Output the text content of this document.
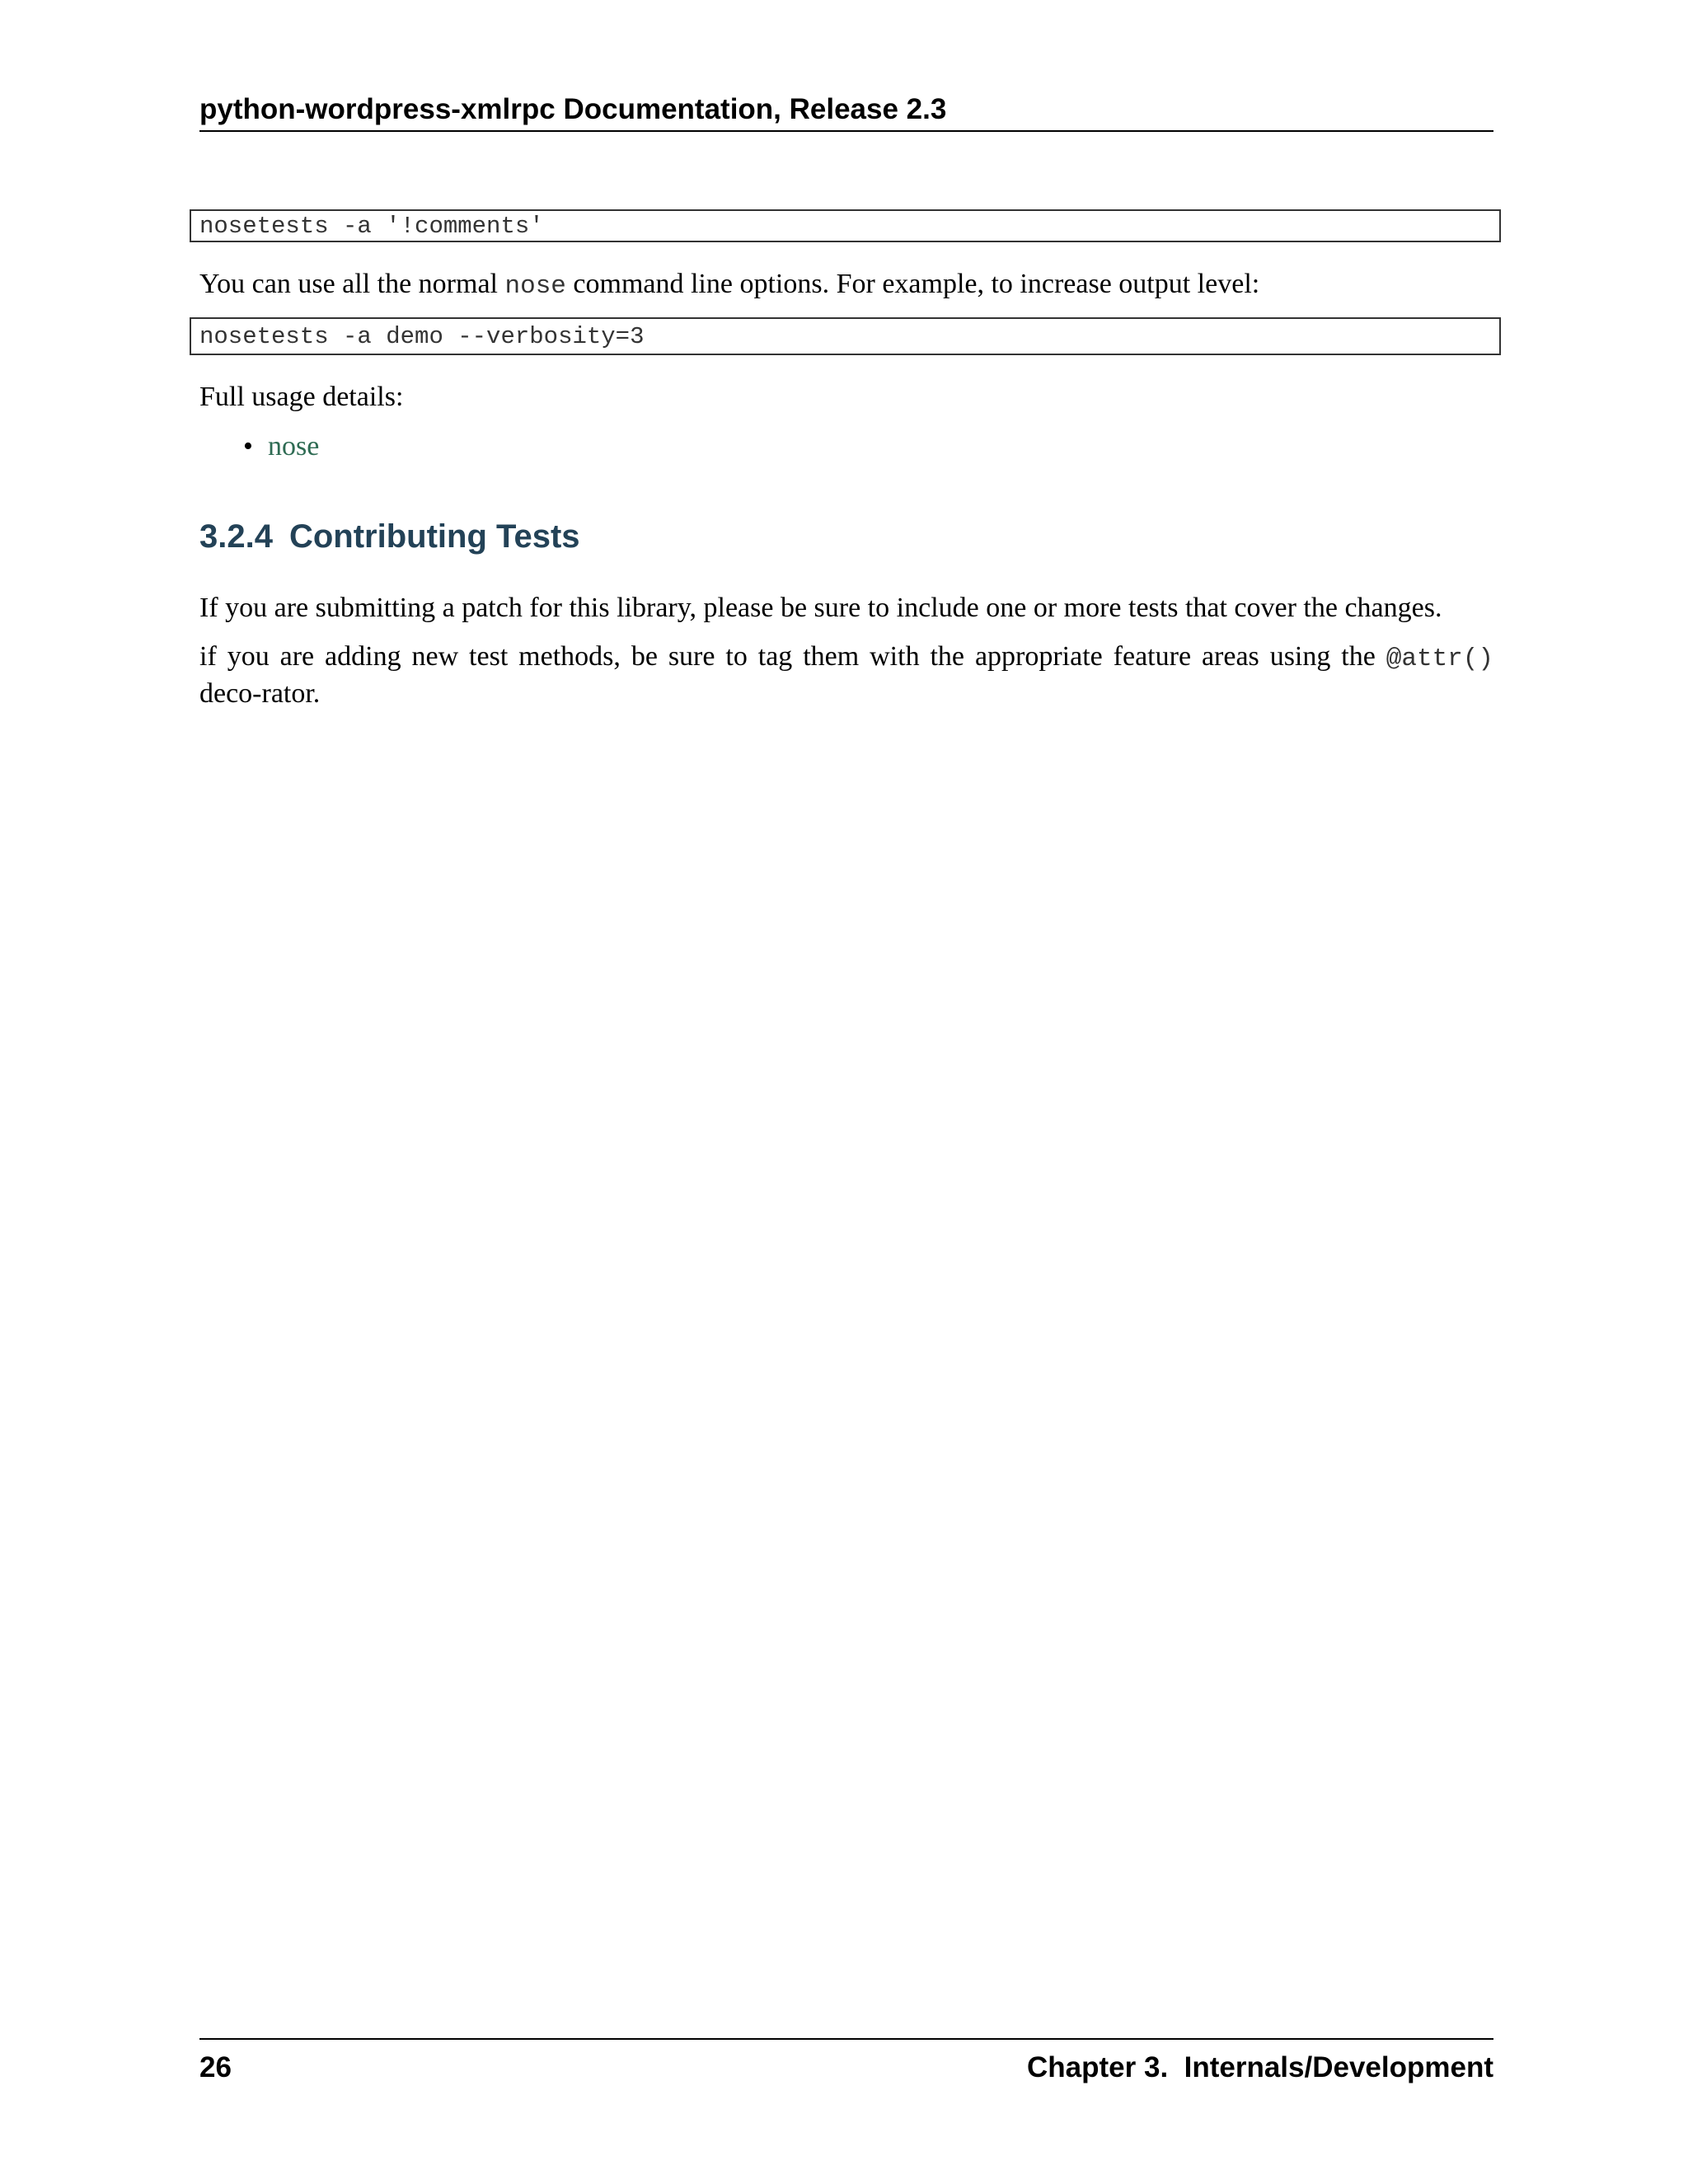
python-wordpress-xmlrpc Documentation, Release 2.3
nosetests -a '!comments'

You can use all the normal nose command line options. For example, to increase output level:

nosetests -a demo --verbosity=3

Full usage details:

• nose
3.2.4 Contributing Tests

If you are submitting a patch for this library, please be sure to include one or more tests that cover the changes.

if you are adding new test methods, be sure to tag them with the appropriate feature areas using the @attr() deco-rator.

26	Chapter 3.  Internals/Development
